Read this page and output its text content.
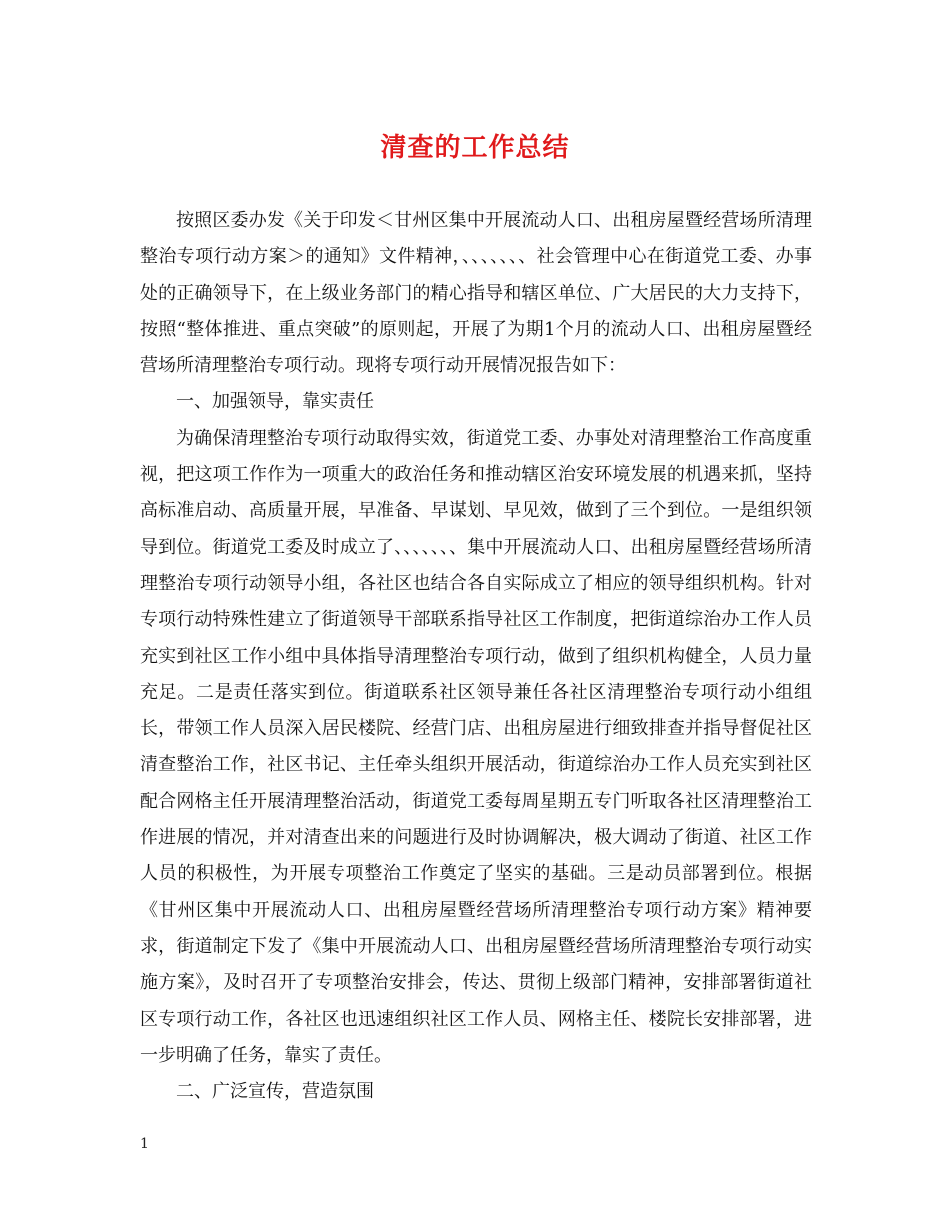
清查的工作总结

按照区委办发《关于印发＜甘州区集中开展流动人口、出租房屋暨经营场所清理整治专项行动方案＞的通知》文件精神，、、、、、、、社会管理中心在街道党工委、办事处的正确领导下，在上级业务部门的精心指导和辖区单位、广大居民的大力支持下，按照“整体推进、重点突破”的原则起，开展了为期1个月的流动人口、出租房屋暨经营场所清理整治专项行动。现将专项行动开展情况报告如下：

一、加强领导，靠实责任

为确保清理整治专项行动取得实效，街道党工委、办事处对清理整治工作高度重视，把这项工作作为一项重大的政治任务和推动辖区治安环境发展的机遇来抓，坚持高标准启动、高质量开展，早准备、早谋划、早见效，做到了三个到位。一是组织领导到位。街道党工委及时成立了、、、、、、、集中开展流动人口、出租房屋暨经营场所清理整治专项行动领导小组，各社区也结合各自实际成立了相应的领导组织机构。针对专项行动特殊性建立了街道领导干部联系指导社区工作制度，把街道综治办工作人员充实到社区工作小组中具体指导清理整治专项行动，做到了组织机构健全，人员力量充足。二是责任落实到位。街道联系社区领导兼任各社区清理整治专项行动小组组长，带领工作人员深入居民楼院、经营门店、出租房屋进行细致排查并指导督促社区清查整治工作，社区书记、主任牵头组织开展活动，街道综治办工作人员充实到社区配合网格主任开展清理整治活动，街道党工委每周星期五专门听取各社区清理整治工作进展的情况，并对清查出来的问题进行及时协调解决，极大调动了街道、社区工作人员的积极性，为开展专项整治工作奠定了坚实的基础。三是动员部署到位。根据《甘州区集中开展流动人口、出租房屋暨经营场所清理整治专项行动方案》精神要求，街道制定下发了《集中开展流动人口、出租房屋暨经营场所清理整治专项行动实施方案》，及时召开了专项整治安排会，传达、贯彻上级部门精神，安排部署街道社区专项行动工作，各社区也迅速组织社区工作人员、网格主任、楼院长安排部署，进一步明确了任务，靠实了责任。

二、广泛宣传，营造氛围

1
